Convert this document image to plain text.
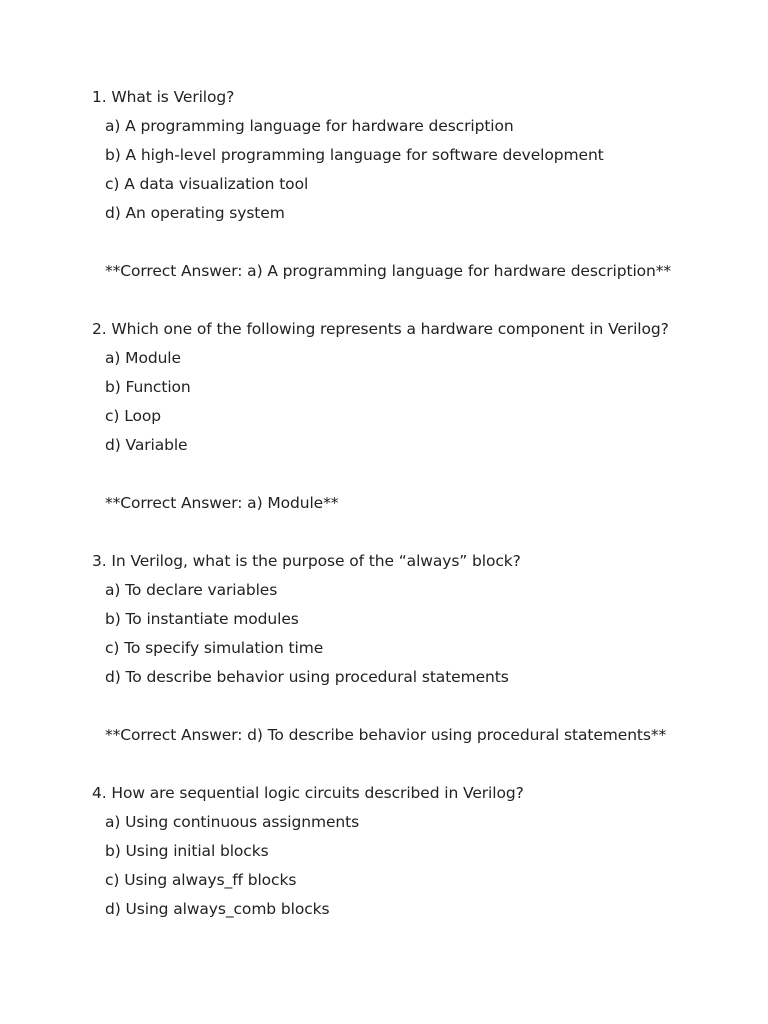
1. What is Verilog?
a) A programming language for hardware description
b) A high-level programming language for software development
c) A data visualization tool
d) An operating system
**Correct Answer: a) A programming language for hardware description**
2. Which one of the following represents a hardware component in Verilog?
a) Module
b) Function
c) Loop
d) Variable
**Correct Answer: a) Module**
3. In Verilog, what is the purpose of the “always” block?
a) To declare variables
b) To instantiate modules
c) To specify simulation time
d) To describe behavior using procedural statements
**Correct Answer: d) To describe behavior using procedural statements**
4. How are sequential logic circuits described in Verilog?
a) Using continuous assignments
b) Using initial blocks
c) Using always_ff blocks
d) Using always_comb blocks
